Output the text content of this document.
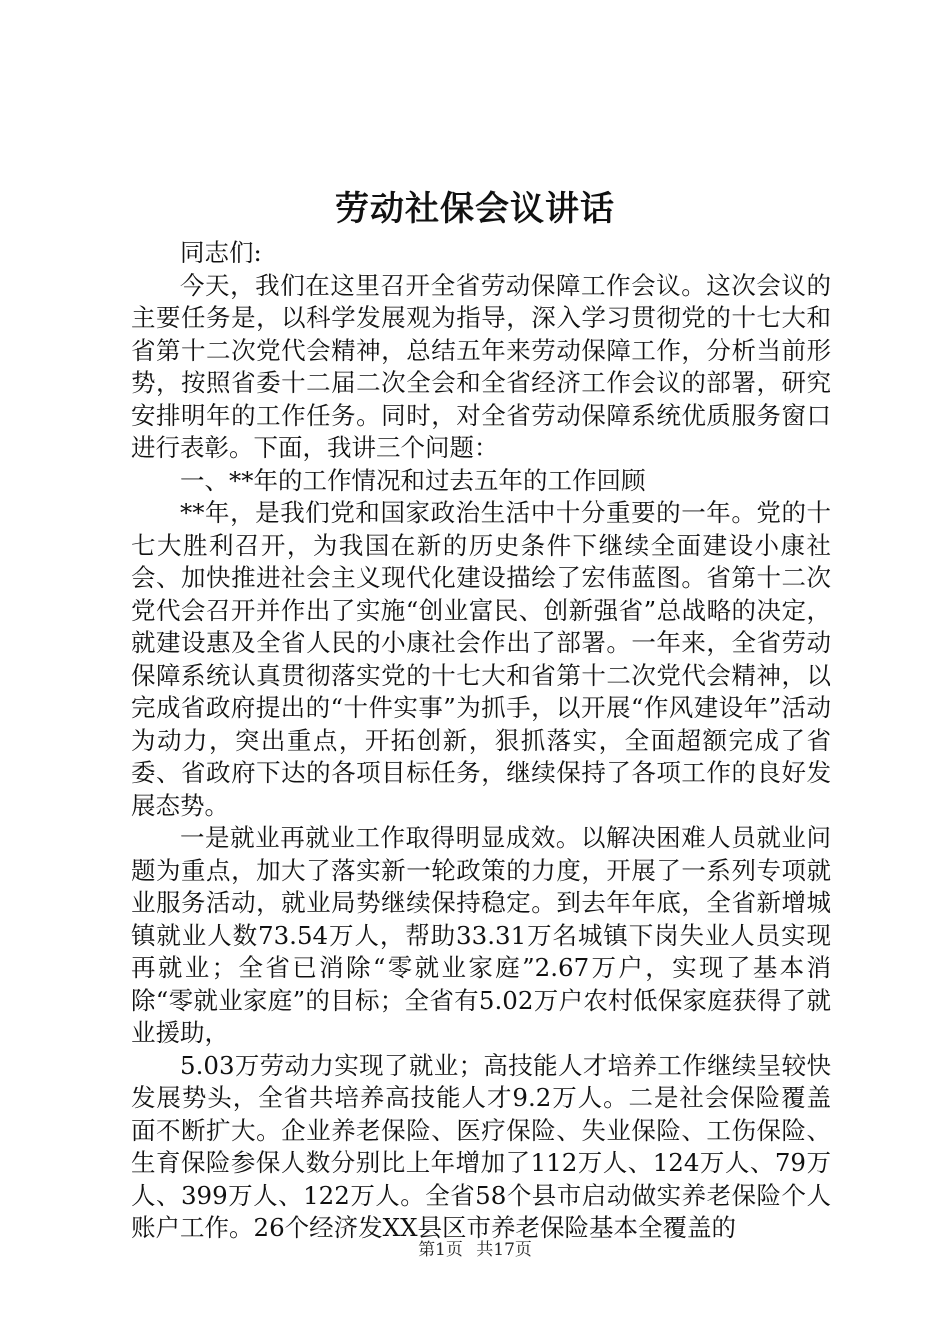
劳动社保会议讲话

同志们:

今天，我们在这里召开全省劳动保障工作会议。这次会议的主要任务是，以科学发展观为指导，深入学习贯彻党的十七大和省第十二次党代会精神，总结五年来劳动保障工作，分析当前形势，按照省委十二届二次全会和全省经济工作会议的部署，研究安排明年的工作任务。同时，对全省劳动保障系统优质服务窗口进行表彰。下面，我讲三个问题：

一、**年的工作情况和过去五年的工作回顾

**年，是我们党和国家政治生活中十分重要的一年。党的十七大胜利召开，为我国在新的历史条件下继续全面建设小康社会、加快推进社会主义现代化建设描绘了宏伟蓝图。省第十二次党代会召开并作出了实施“创业富民、创新强省”总战略的决定，就建设惠及全省人民的小康社会作出了部署。一年来，全省劳动保障系统认真贯彻落实党的十七大和省第十二次党代会精神，以完成省政府提出的“十件实事”为抓手，以开展“作风建设年”活动为动力，突出重点，开拓创新，狠抓落实，全面超额完成了省委、省政府下达的各项目标任务，继续保持了各项工作的良好发展态势。

一是就业再就业工作取得明显成效。以解决困难人员就业问题为重点，加大了落实新一轮政策的力度，开展了一系列专项就业服务活动，就业局势继续保持稳定。到去年年底，全省新增城镇就业人数73.54万人，帮助33.31万名城镇下岗失业人员实现再就业；全省已消除“零就业家庭”2.67万户，实现了基本消除“零就业家庭”的目标；全省有5.02万户农村低保家庭获得了就业援助，

5.03万劳动力实现了就业；高技能人才培养工作继续呈较快发展势头，全省共培养高技能人才9.2万人。二是社会保险覆盖面不断扩大。企业养老保险、医疗保险、失业保险、工伤保险、生育保险参保人数分别比上年增加了112万人、124万人、79万人、399万人、122万人。全省58个县市启动做实养老保险个人账户工作。26个经济发XX县区市养老保险基本全覆盖的

第1页 共17页
